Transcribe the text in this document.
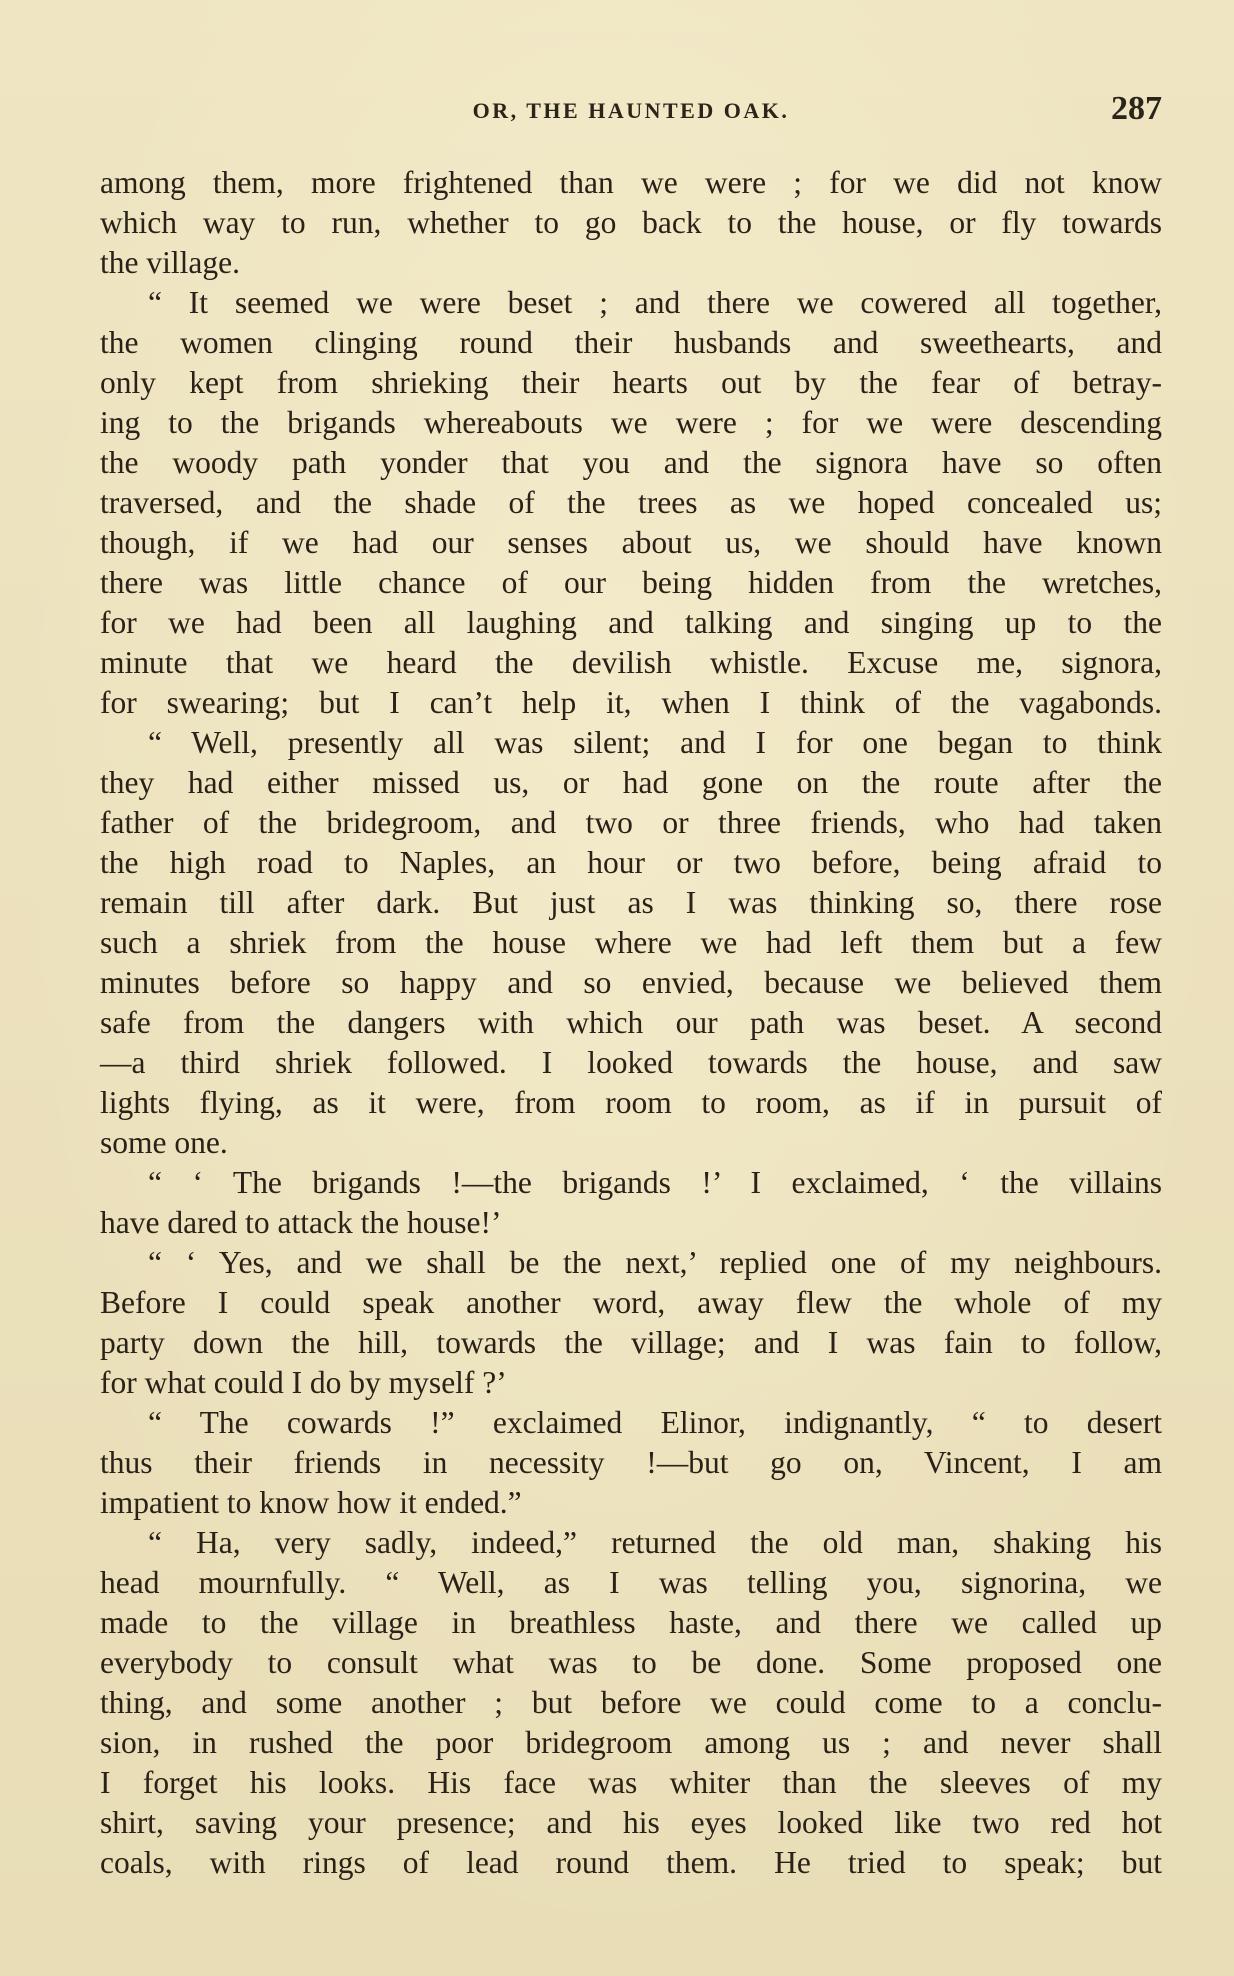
OR, THE HAUNTED OAK.	287
among them, more frightened than we were ; for we did not know
which way to run, whether to go back to the house, or fly towards
the village.
“ It seemed we were beset ; and there we cowered all together,
the women clinging round their husbands and sweethearts, and
only kept from shrieking their hearts out by the fear of betray-
ing to the brigands whereabouts we were ; for we were descending
the woody path yonder that you and the signora have so often
traversed, and the shade of the trees as we hoped concealed us;
though, if we had our senses about us, we should have known
there was little chance of our being hidden from the wretches,
for we had been all laughing and talking and singing up to the
minute that we heard the devilish whistle. Excuse me, signora,
for swearing; but I can’t help it, when I think of the vagabonds.
“ Well, presently all was silent; and I for one began to think
they had either missed us, or had gone on the route after the
father of the bridegroom, and two or three friends, who had taken
the high road to Naples, an hour or two before, being afraid to
remain till after dark. But just as I was thinking so, there rose
such a shriek from the house where we had left them but a few
minutes before so happy and so envied, because we believed them
safe from the dangers with which our path was beset. A second
—a third shriek followed. I looked towards the house, and saw
lights flying, as it were, from room to room, as if in pursuit of
some one.
“ ‘ The brigands !—the brigands !’ I exclaimed, ‘ the villains
have dared to attack the house!’
“ ‘ Yes, and we shall be the next,’ replied one of my neighbours.
Before I could speak another word, away flew the whole of my
party down the hill, towards the village; and I was fain to follow,
for what could I do by myself ?’
“ The cowards !” exclaimed Elinor, indignantly, “ to desert
thus their friends in necessity !—but go on, Vincent, I am
impatient to know how it ended.”
“ Ha, very sadly, indeed,” returned the old man, shaking his
head mournfully. “ Well, as I was telling you, signorina, we
made to the village in breathless haste, and there we called up
everybody to consult what was to be done. Some proposed one
thing, and some another ; but before we could come to a conclu-
sion, in rushed the poor bridegroom among us ; and never shall
I forget his looks. His face was whiter than the sleeves of my
shirt, saving your presence; and his eyes looked like two red hot
coals, with rings of lead round them. He tried to speak; but
